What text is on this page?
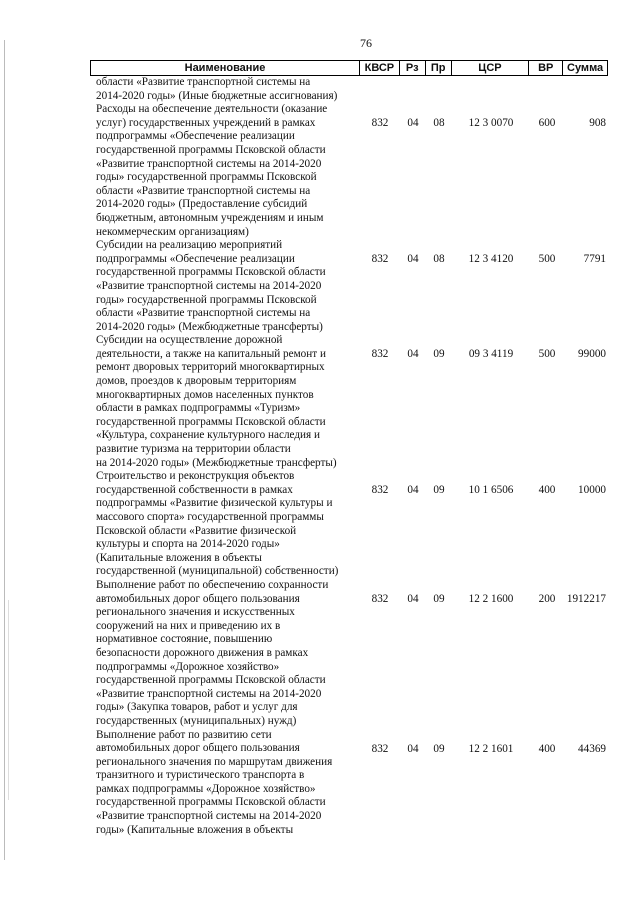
76
Наименование	КВСР	Рз	Пр	ЦСР	ВР	Сумма
области «Развитие транспортной системы на
2014-2020 годы» (Иные бюджетные ассигнования)
Расходы на обеспечение деятельности (оказание
услуг) государственных учреждений в рамках
подпрограммы «Обеспечение реализации
государственной программы Псковской области
«Развитие транспортной системы на 2014-2020
годы» государственной программы Псковской
области «Развитие транспортной системы на
2014-2020 годы» (Предоставление субсидий
бюджетным, автономным учреждениям и иным
некоммерческим организациям)
832	04	08	12 3 0070	600	908
Субсидии на реализацию мероприятий
подпрограммы «Обеспечение реализации
государственной программы Псковской области
«Развитие транспортной системы на 2014-2020
годы» государственной программы Псковской
области «Развитие транспортной системы на
2014-2020 годы» (Межбюджетные трансферты)
832	04	08	12 3 4120	500	7791
Субсидии на осуществление дорожной
деятельности, а также на капитальный ремонт и
ремонт дворовых территорий многоквартирных
домов, проездов к дворовым территориям
многоквартирных домов населенных пунктов
области в рамках подпрограммы «Туризм»
государственной программы Псковской области
«Культура, сохранение культурного наследия и
развитие туризма на территории области
на 2014-2020 годы» (Межбюджетные трансферты)
832	04	09	09 3 4119	500	99000
Строительство и реконструкция объектов
государственной собственности в рамках
подпрограммы «Развитие физической культуры и
массового спорта» государственной программы
Псковской области «Развитие физической
культуры и спорта на 2014-2020 годы»
(Капитальные вложения в объекты
государственной (муниципальной) собственности)
832	04	09	10 1 6506	400	10000
Выполнение работ по обеспечению сохранности
автомобильных дорог общего пользования
регионального значения и искусственных
сооружений на них и приведению их в
нормативное состояние, повышению
безопасности дорожного движения в рамках
подпрограммы «Дорожное хозяйство»
государственной программы Псковской области
«Развитие транспортной системы на 2014-2020
годы» (Закупка товаров, работ и услуг для
государственных (муниципальных) нужд)
832	04	09	12 2 1600	200	1912217
Выполнение работ по развитию сети
автомобильных дорог общего пользования
регионального значения по маршрутам движения
транзитного и туристического транспорта в
рамках подпрограммы «Дорожное хозяйство»
государственной программы Псковской области
«Развитие транспортной системы на 2014-2020
годы» (Капитальные вложения в объекты
832	04	09	12 2 1601	400	44369
